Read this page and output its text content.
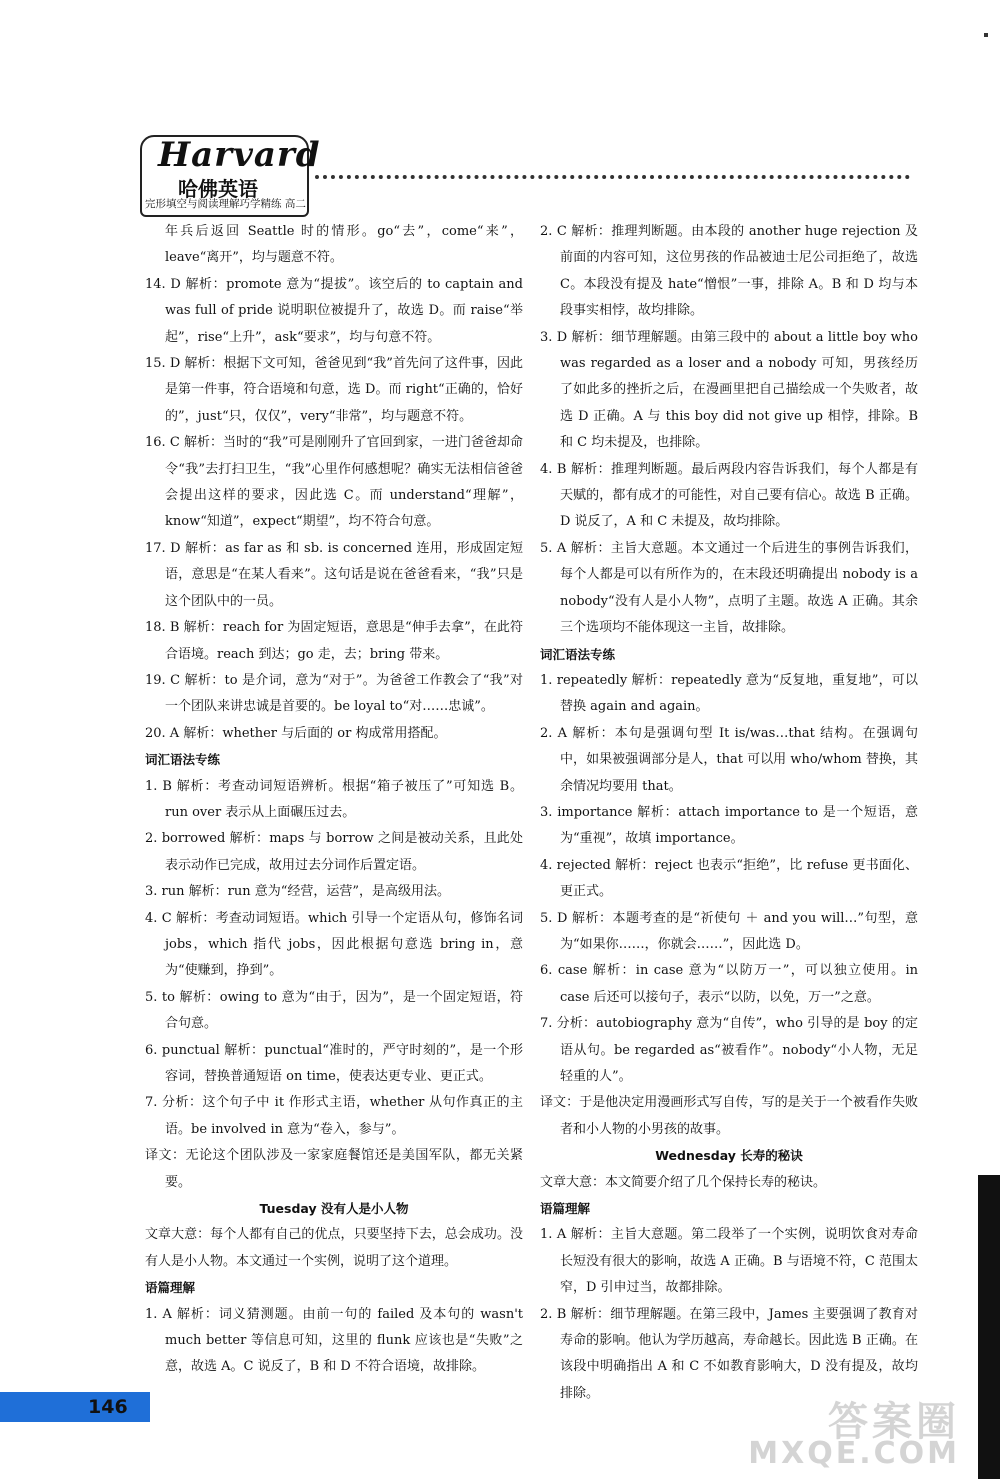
Harvard
哈佛英语
完形填空与阅读理解巧学精练 高二
年兵后返回 Seattle 时的情形。go“去”，come“来”，leave“离开”，均与题意不符。
14. D 解析：promote 意为“提拔”。该空后的 to captain and was full of pride 说明职位被提升了，故选 D。而 raise“举起”，rise“上升”，ask“要求”，均与句意不符。
15. D 解析：根据下文可知，爸爸见到“我”首先问了这件事，因此是第一件事，符合语境和句意，选 D。而 right“正确的，恰好的”，just“只，仅仅”，very“非常”，均与题意不符。
16. C 解析：当时的“我”可是刚刚升了官回到家，一进门爸爸却命令“我”去打扫卫生，“我”心里作何感想呢？确实无法相信爸爸会提出这样的要求，因此选 C。而 understand“理解”，know“知道”，expect“期望”，均不符合句意。
17. D 解析：as far as 和 sb. is concerned 连用，形成固定短语，意思是“在某人看来”。这句话是说在爸爸看来，“我”只是这个团队中的一员。
18. B 解析：reach for 为固定短语，意思是“伸手去拿”，在此符合语境。reach 到达；go 走，去；bring 带来。
19. C 解析：to 是介词，意为“对于”。为爸爸工作教会了“我”对一个团队来讲忠诚是首要的。be loyal to“对……忠诚”。
20. A 解析：whether 与后面的 or 构成常用搭配。
词汇语法专练
1. B 解析：考查动词短语辨析。根据“箱子被压了”可知选 B。run over 表示从上面碾压过去。
2. borrowed 解析：maps 与 borrow 之间是被动关系，且此处表示动作已完成，故用过去分词作后置定语。
3. run 解析：run 意为“经营，运营”，是高级用法。
4. C 解析：考查动词短语。which 引导一个定语从句，修饰名词 jobs，which 指代 jobs，因此根据句意选 bring in，意为“使赚到，挣到”。
5. to 解析：owing to 意为“由于，因为”，是一个固定短语，符合句意。
6. punctual 解析：punctual“准时的，严守时刻的”，是一个形容词，替换普通短语 on time，使表达更专业、更正式。
7. 分析：这个句子中 it 作形式主语，whether 从句作真正的主语。be involved in 意为“卷入，参与”。
译文：无论这个团队涉及一家家庭餐馆还是美国军队，都无关紧要。
Tuesday 没有人是小人物
文章大意：每个人都有自己的优点，只要坚持下去，总会成功。没有人是小人物。本文通过一个实例，说明了这个道理。
语篇理解
1. A 解析：词义猜测题。由前一句的 failed 及本句的 wasn't much better 等信息可知，这里的 flunk 应该也是“失败”之意，故选 A。C 说反了，B 和 D 不符合语境，故排除。
2. C 解析：推理判断题。由本段的 another huge rejection 及前面的内容可知，这位男孩的作品被迪士尼公司拒绝了，故选 C。本段没有提及 hate“憎恨”一事，排除 A。B 和 D 均与本段事实相悖，故均排除。
3. D 解析：细节理解题。由第三段中的 about a little boy who was regarded as a loser and a nobody 可知，男孩经历了如此多的挫折之后，在漫画里把自己描绘成一个失败者，故选 D 正确。A 与 this boy did not give up 相悖，排除。B 和 C 均未提及，也排除。
4. B 解析：推理判断题。最后两段内容告诉我们，每个人都是有天赋的，都有成才的可能性，对自己要有信心。故选 B 正确。D 说反了，A 和 C 未提及，故均排除。
5. A 解析：主旨大意题。本文通过一个后进生的事例告诉我们，每个人都是可以有所作为的，在末段还明确提出 nobody is a nobody“没有人是小人物”，点明了主题。故选 A 正确。其余三个选项均不能体现这一主旨，故排除。
词汇语法专练
1. repeatedly 解析：repeatedly 意为“反复地，重复地”，可以替换 again and again。
2. A 解析：本句是强调句型 It is/was…that 结构。在强调句中，如果被强调部分是人，that 可以用 who/whom 替换，其余情况均要用 that。
3. importance 解析：attach importance to 是一个短语，意为“重视”，故填 importance。
4. rejected 解析：reject 也表示“拒绝”，比 refuse 更书面化、更正式。
5. D 解析：本题考查的是“祈使句 ＋ and you will…”句型，意为“如果你……，你就会……”，因此选 D。
6. case 解析：in case 意为“以防万一”，可以独立使用。in case 后还可以接句子，表示“以防，以免，万一”之意。
7. 分析：autobiography 意为“自传”，who 引导的是 boy 的定语从句。be regarded as“被看作”。nobody“小人物，无足轻重的人”。
译文：于是他决定用漫画形式写自传，写的是关于一个被看作失败者和小人物的小男孩的故事。
Wednesday 长寿的秘诀
文章大意：本文简要介绍了几个保持长寿的秘诀。
语篇理解
1. A 解析：主旨大意题。第二段举了一个实例，说明饮食对寿命长短没有很大的影响，故选 A 正确。B 与语境不符，C 范围太窄，D 引申过当，故都排除。
2. B 解析：细节理解题。在第三段中，James 主要强调了教育对寿命的影响。他认为学历越高，寿命越长。因此选 B 正确。在该段中明确指出 A 和 C 不如教育影响大，D 没有提及，故均排除。
146	答案圈
MXQE.COM
